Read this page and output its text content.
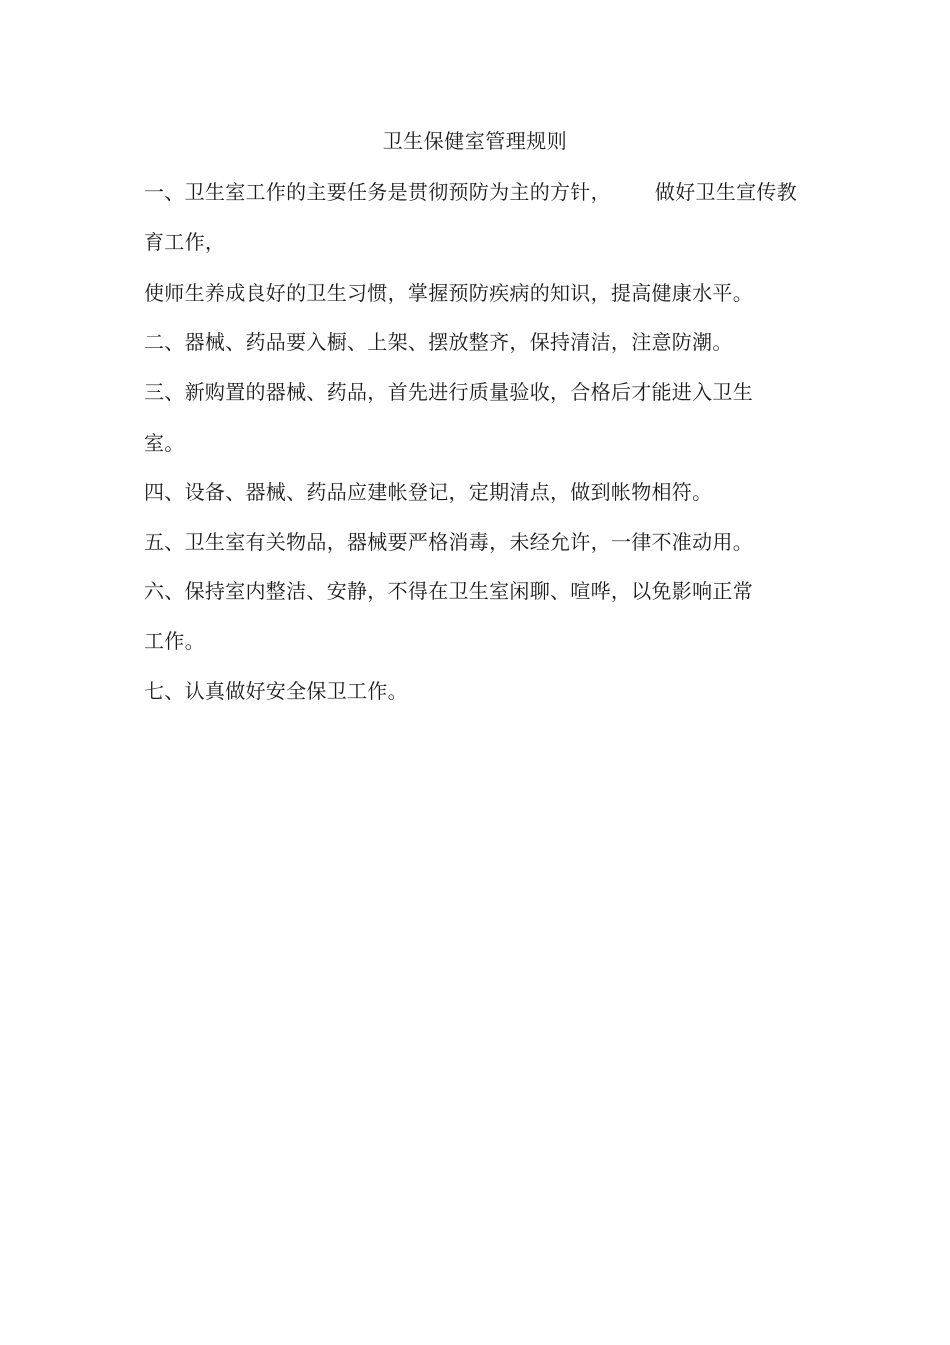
卫生保健室管理规则
一、卫生室工作的主要任务是贯彻预防为主的方针， 做好卫生宣传教
育工作，
使师生养成良好的卫生习惯，掌握预防疾病的知识，提高健康水平。
二、器械、药品要入橱、上架、摆放整齐，保持清洁，注意防潮。
三、新购置的器械、药品，首先进行质量验收，合格后才能进入卫生
室。
四、设备、器械、药品应建帐登记，定期清点，做到帐物相符。
五、卫生室有关物品，器械要严格消毒，未经允许，一律不准动用。
六、保持室内整洁、安静，不得在卫生室闲聊、喧哗，以免影响正常
工作。
七、认真做好安全保卫工作。
